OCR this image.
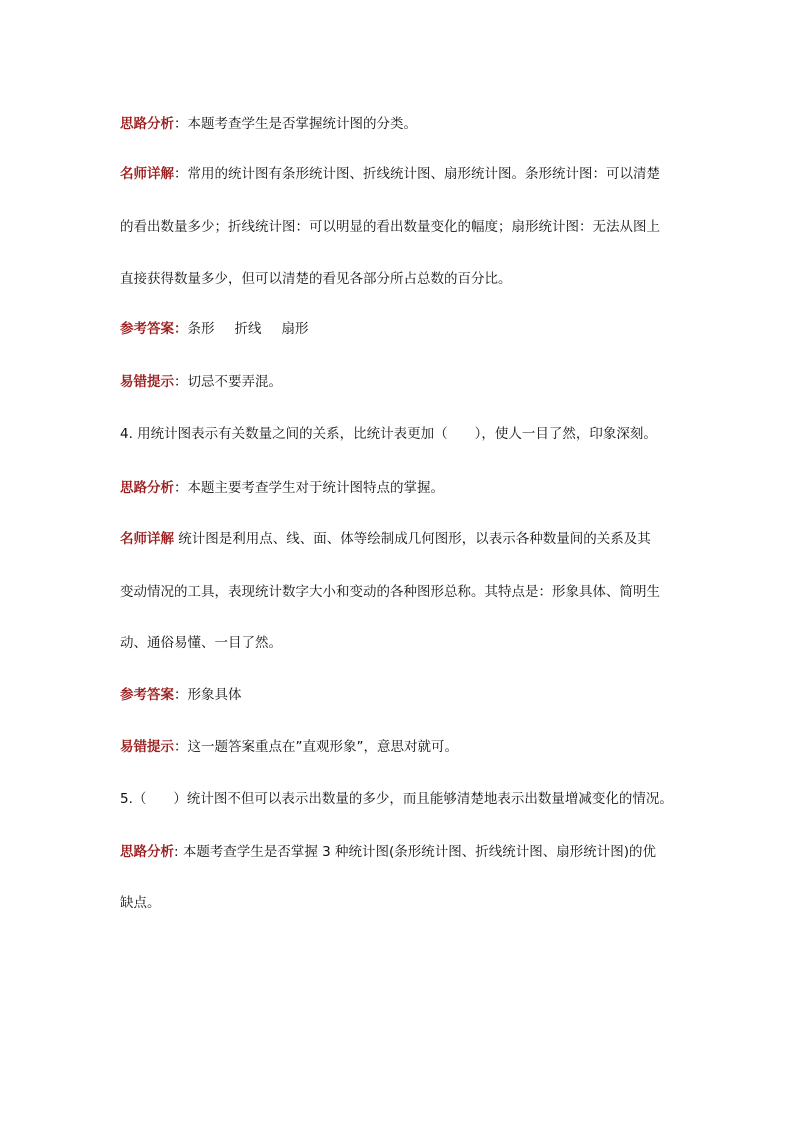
思路分析：本题考查学生是否掌握统计图的分类。
名师详解：常用的统计图有条形统计图、折线统计图、扇形统计图。条形统计图：可以清楚
的看出数量多少；折线统计图：可以明显的看出数量变化的幅度；扇形统计图：无法从图上
直接获得数量多少，但可以清楚的看见各部分所占总数的百分比。
参考答案：条形 折线 扇形
易错提示：切忌不要弄混。
4. 用统计图表示有关数量之间的关系，比统计表更加（　　），使人一目了然，印象深刻。
思路分析：本题主要考查学生对于统计图特点的掌握。
名师详解 统计图是利用点、线、面、体等绘制成几何图形，以表示各种数量间的关系及其
变动情况的工具，表现统计数字大小和变动的各种图形总称。其特点是：形象具体、简明生
动、通俗易懂、一目了然。
参考答案：形象具体
易错提示：这一题答案重点在”直观形象”，意思对就可。
5.（　　）统计图不但可以表示出数量的多少，而且能够清楚地表示出数量增减变化的情况。
思路分析: 本题考查学生是否掌握 3 种统计图(条形统计图、折线统计图、扇形统计图)的优
缺点。
